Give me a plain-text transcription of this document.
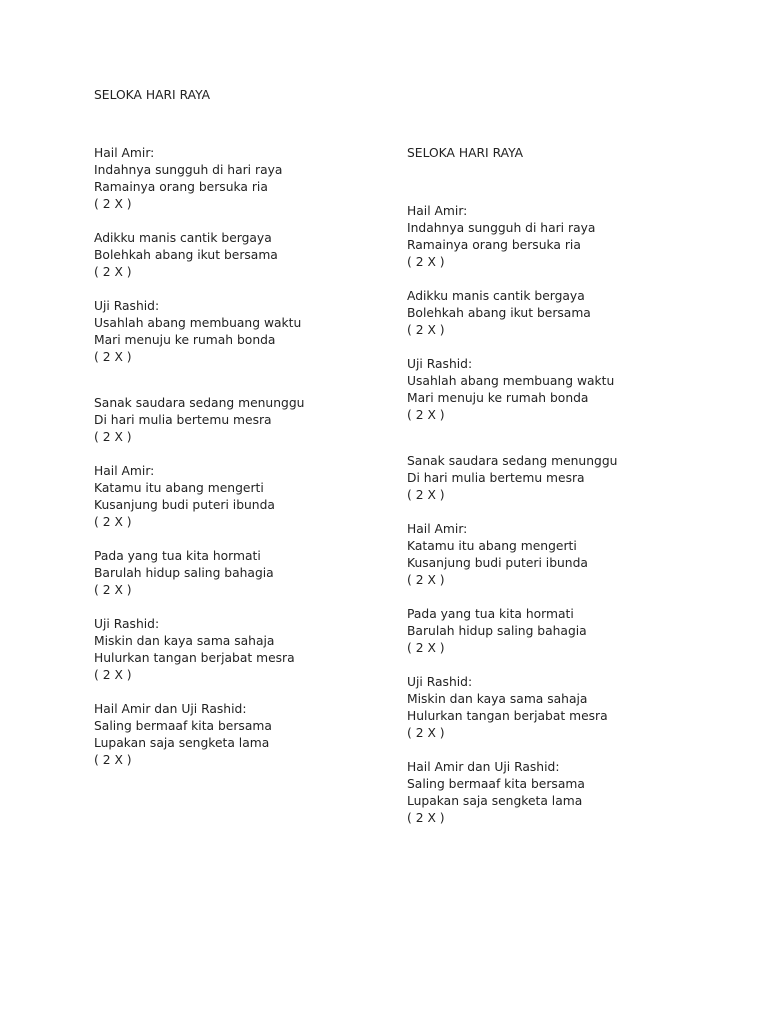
SELOKA HARI RAYA
Hail Amir:
Indahnya sungguh di hari raya
Ramainya orang bersuka ria
( 2 X )
Adikku manis cantik bergaya
Bolehkah abang ikut bersama
( 2 X )
Uji Rashid:
Usahlah abang membuang waktu
Mari menuju ke rumah bonda
( 2 X )
Sanak saudara sedang menunggu
Di hari mulia bertemu mesra
( 2 X )
Hail Amir:
Katamu itu abang mengerti
Kusanjung budi puteri ibunda
( 2 X )
Pada yang tua kita hormati
Barulah hidup saling bahagia
( 2 X )
Uji Rashid:
Miskin dan kaya sama sahaja
Hulurkan tangan berjabat mesra
( 2 X )
Hail Amir dan Uji Rashid:
Saling bermaaf kita bersama
Lupakan saja sengketa lama
( 2 X )
SELOKA HARI RAYA
Hail Amir:
Indahnya sungguh di hari raya
Ramainya orang bersuka ria
( 2 X )
Adikku manis cantik bergaya
Bolehkah abang ikut bersama
( 2 X )
Uji Rashid:
Usahlah abang membuang waktu
Mari menuju ke rumah bonda
( 2 X )
Sanak saudara sedang menunggu
Di hari mulia bertemu mesra
( 2 X )
Hail Amir:
Katamu itu abang mengerti
Kusanjung budi puteri ibunda
( 2 X )
Pada yang tua kita hormati
Barulah hidup saling bahagia
( 2 X )
Uji Rashid:
Miskin dan kaya sama sahaja
Hulurkan tangan berjabat mesra
( 2 X )
Hail Amir dan Uji Rashid:
Saling bermaaf kita bersama
Lupakan saja sengketa lama
( 2 X )
